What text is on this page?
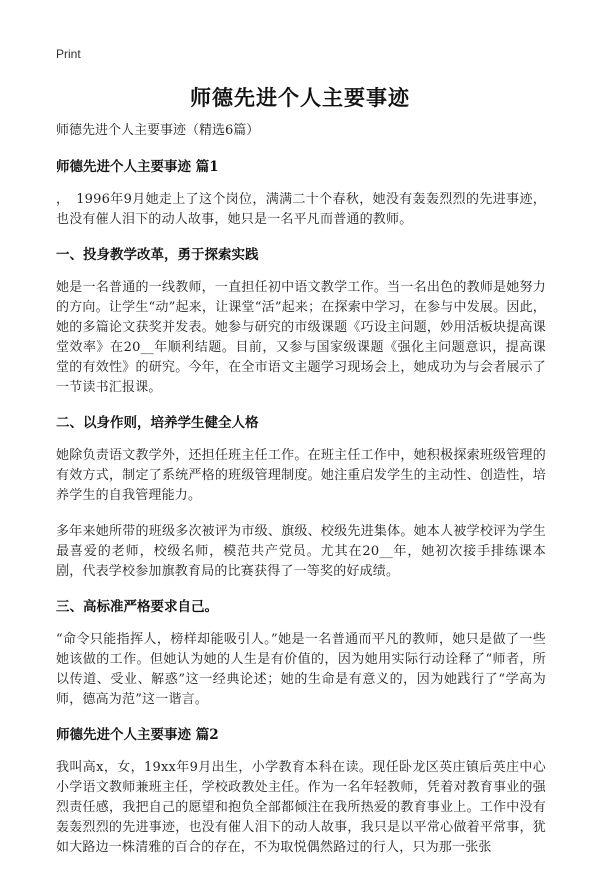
Print
师德先进个人主要事迹

师德先进个人主要事迹（精选6篇）

师德先进个人主要事迹 篇1

，　1996年9月她走上了这个岗位，满满二十个春秋，她没有轰轰烈烈的先进事迹，也没有催人泪下的动人故事，她只是一名平凡而普通的教师。

一、投身教学改革，勇于探索实践

她是一名普通的一线教师，一直担任初中语文教学工作。当一名出色的教师是她努力的方向。让学生“动”起来，让课堂“活”起来；在探索中学习，在参与中发展。因此，她的多篇论文获奖并发表。她参与研究的市级课题《巧设主问题，妙用活板块提高课堂效率》在20__年顺利结题。目前，又参与国家级课题《强化主问题意识，提高课堂的有效性》的研究。今年，在全市语文主题学习现场会上，她成功为与会者展示了一节读书汇报课。

二、以身作则，培养学生健全人格

她除负责语文教学外，还担任班主任工作。在班主任工作中，她积极探索班级管理的有效方式，制定了系统严格的班级管理制度。她注重启发学生的主动性、创造性，培养学生的自我管理能力。

多年来她所带的班级多次被评为市级、旗级、校级先进集体。她本人被学校评为学生最喜爱的老师，校级名师，模范共产党员。尤其在20__年，她初次接手排练课本剧，代表学校参加旗教育局的比赛获得了一等奖的好成绩。

三、高标准严格要求自己。

“命令只能指挥人，榜样却能吸引人。”她是一名普通而平凡的教师，她只是做了一些她该做的工作。但她认为她的人生是有价值的，因为她用实际行动诠释了“师者，所以传道、受业、解惑”这一经典论述；她的生命是有意义的，因为她践行了“学高为师，德高为范”这一谐言。

师德先进个人主要事迹 篇2

我叫高x，女，19xx年9月出生，小学教育本科在读。现任卧龙区英庄镇后英庄中心小学语文教师兼班主任，学校政教处主任。作为一名年轻教师，凭着对教育事业的强烈责任感，我把自己的愿望和抱负全部都倾注在我所热爱的教育事业上。工作中没有轰轰烈烈的先进事迹，也没有催人泪下的动人故事，我只是以平常心做着平常事，犹如大路边一株清雅的百合的存在，不为取悦偶然路过的行人，只为那一张张
